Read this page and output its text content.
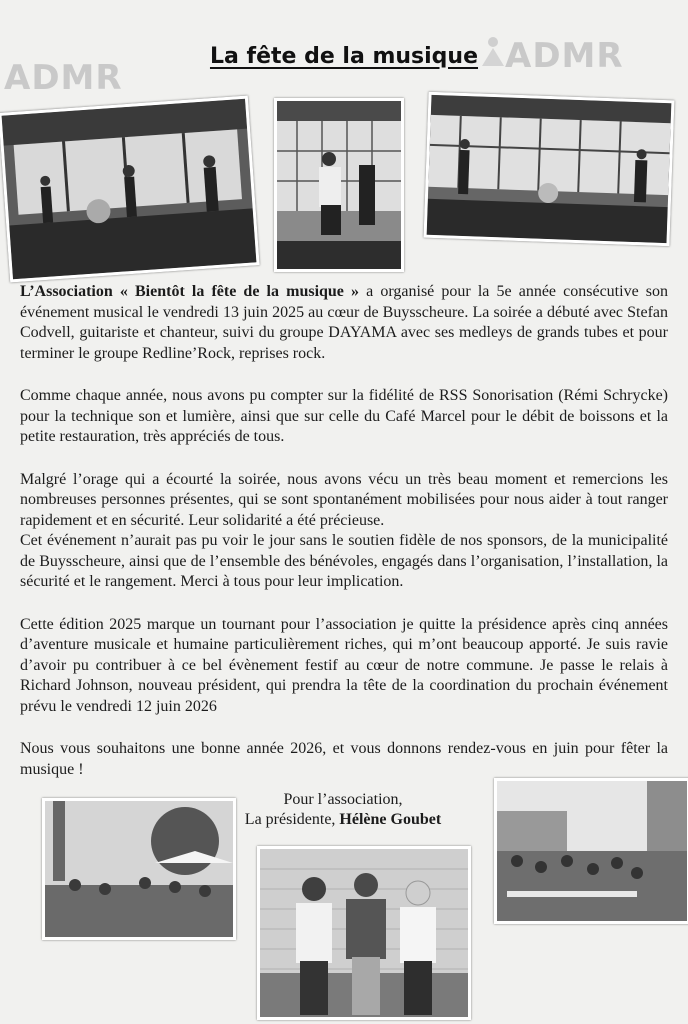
ADMR
ADMR
La fête de la musique

L’Association « Bientôt la fête de la musique » a organisé pour la 5e année consécutive son événement musical le vendredi 13 juin 2025 au cœur de Buysscheure. La soirée a débuté avec Stefan Codvell, guitariste et chanteur, suivi du groupe DAYAMA avec ses medleys de grands tubes et pour terminer le groupe Redline’Rock, reprises rock.

Comme chaque année, nous avons pu compter sur la fidélité de RSS Sonorisation (Rémi Schrycke) pour la technique son et lumière, ainsi que sur celle du Café Marcel pour le débit de boissons et la petite restauration, très appréciés de tous.

Malgré l’orage qui a écourté la soirée, nous avons vécu un très beau moment et remercions les nombreuses personnes présentes, qui se sont spontanément mobilisées pour nous aider à tout ranger rapidement et en sécurité. Leur solidarité a été précieuse.

Cet événement n’aurait pas pu voir le jour sans le soutien fidèle de nos sponsors, de la municipalité de Buysscheure, ainsi que de l’ensemble des bénévoles, engagés dans l’organisation, l’installation, la sécurité et le rangement. Merci à tous pour leur implication.

Cette édition 2025 marque un tournant pour l’association je quitte la présidence après cinq années d’aventure musicale et humaine particulièrement riches, qui m’ont beaucoup apporté. Je suis ravie d’avoir pu contribuer à ce bel évènement festif au cœur de notre commune. Je passe le relais à Richard Johnson, nouveau président, qui prendra la tête de la coordination du prochain événement prévu le vendredi 12 juin 2026

Nous vous souhaitons une bonne année 2026, et vous donnons rendez-vous en juin pour fêter la musique !

Pour l’association,
La présidente, Hélène Goubet
